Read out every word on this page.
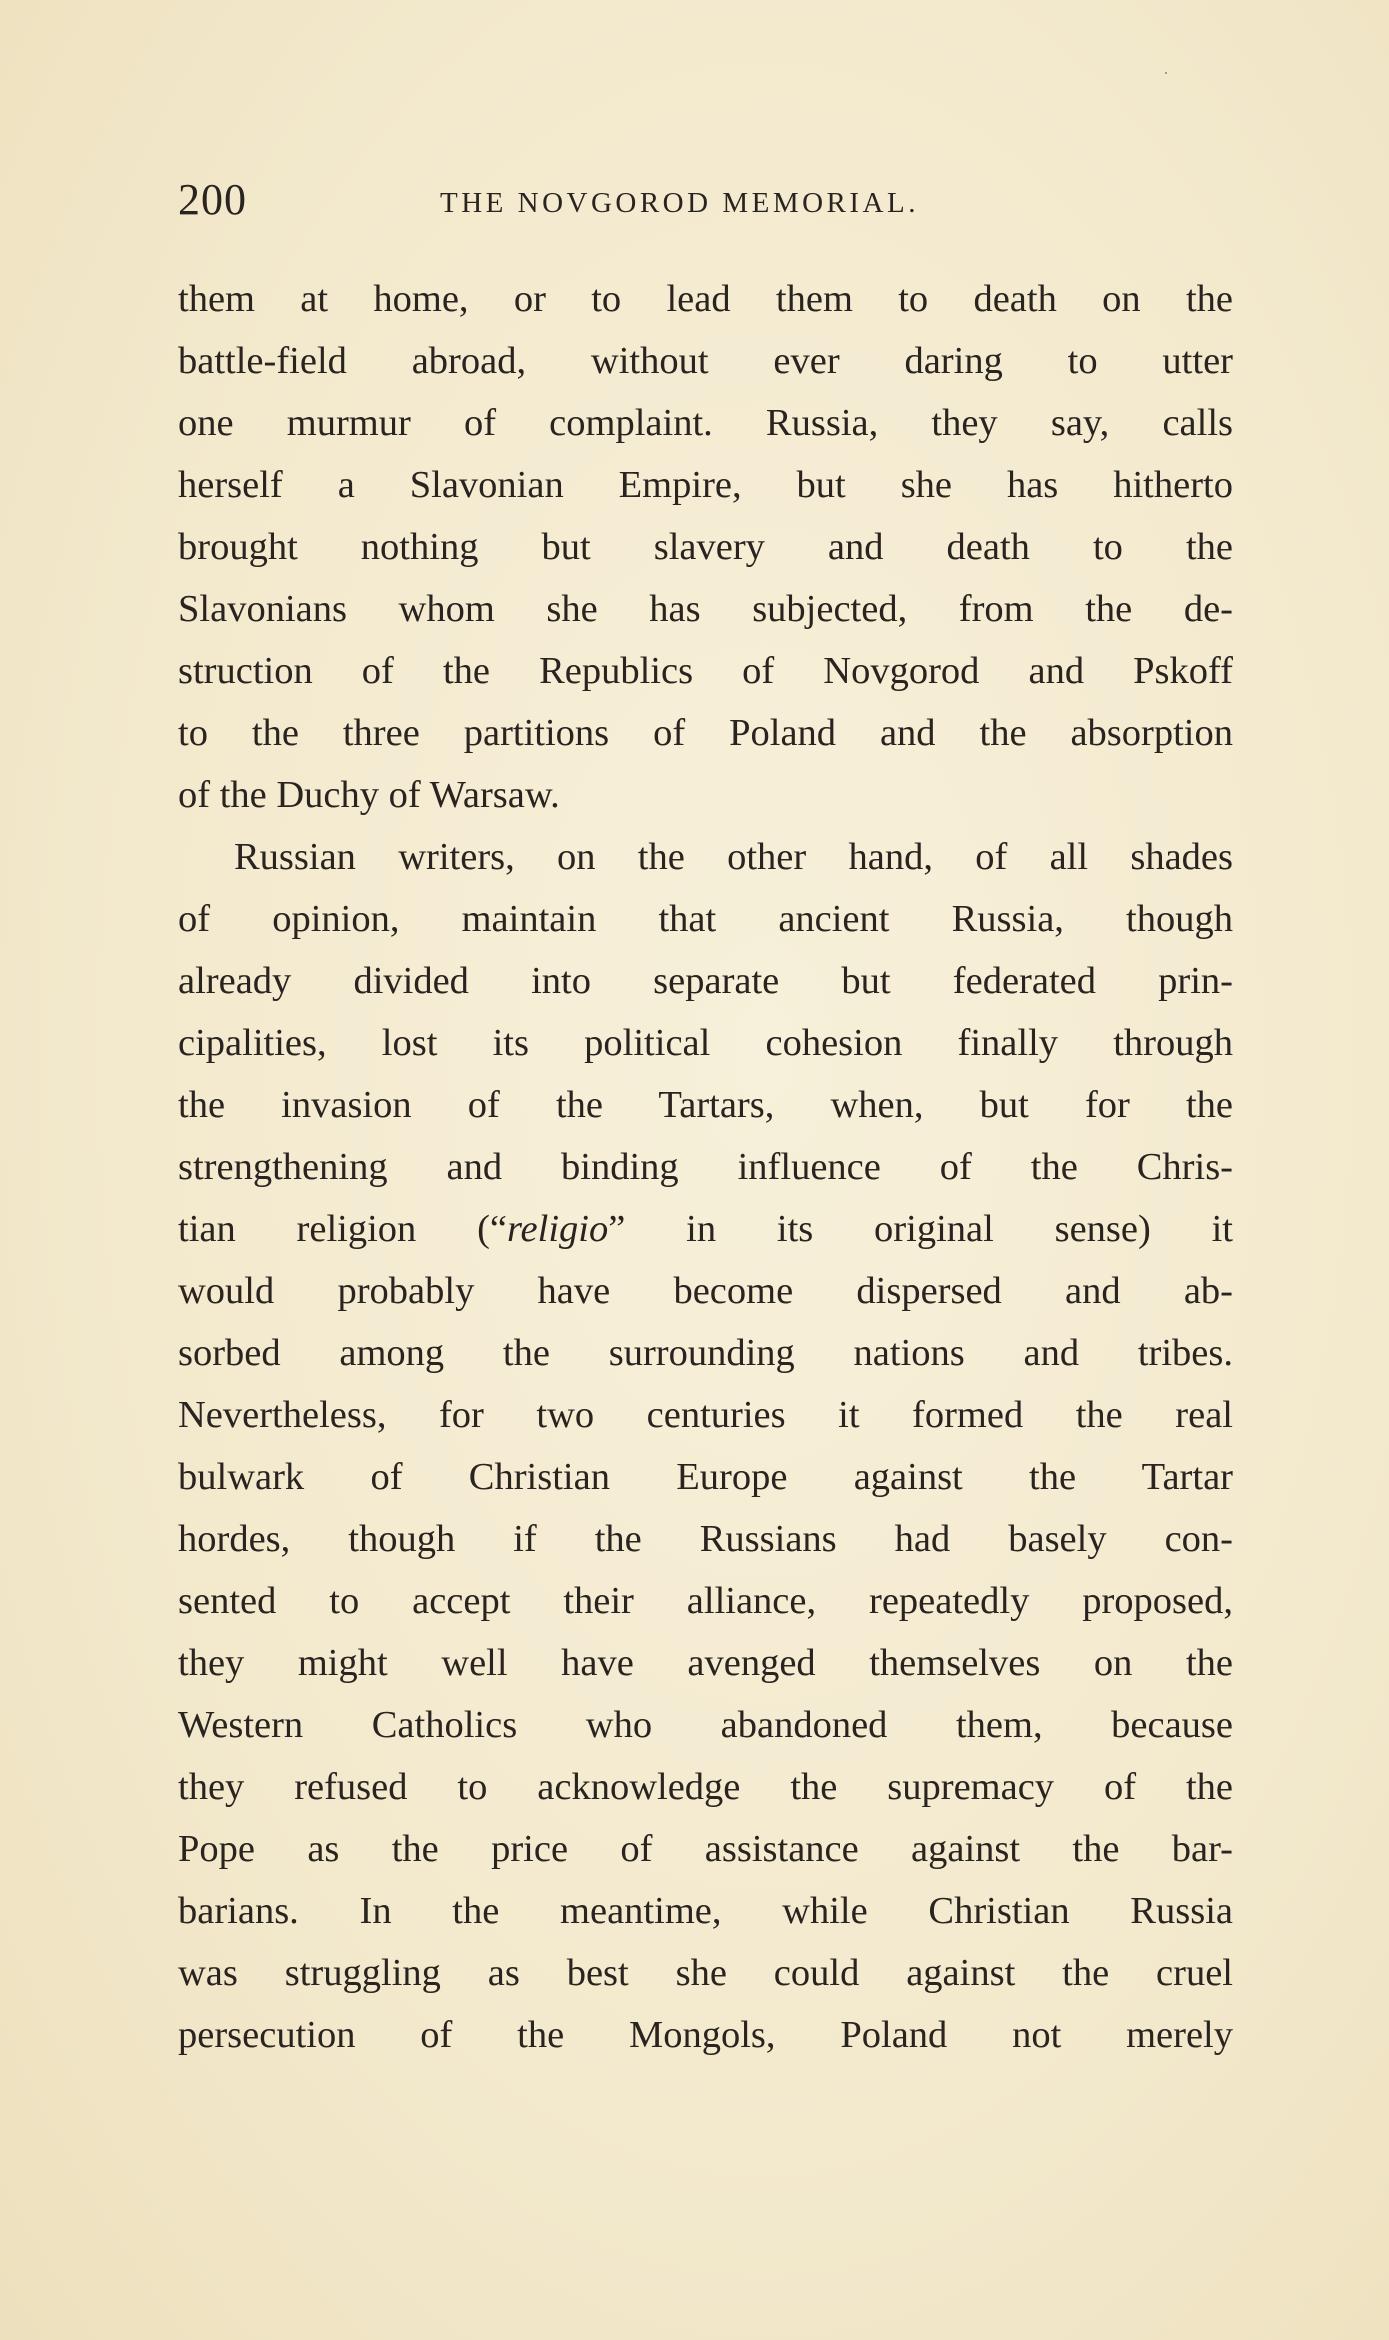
200	THE NOVGOROD MEMORIAL.
them at home, or to lead them to death on the
battle-field abroad, without ever daring to utter
one murmur of complaint. Russia, they say, calls
herself a Slavonian Empire, but she has hitherto
brought nothing but slavery and death to the
Slavonians whom she has subjected, from the de-
struction of the Republics of Novgorod and Pskoff
to the three partitions of Poland and the absorption
of the Duchy of Warsaw.
Russian writers, on the other hand, of all shades
of opinion, maintain that ancient Russia, though
already divided into separate but federated prin-
cipalities, lost its political cohesion finally through
the invasion of the Tartars, when, but for the
strengthening and binding influence of the Chris-
tian religion (“religio” in its original sense) it
would probably have become dispersed and ab-
sorbed among the surrounding nations and tribes.
Nevertheless, for two centuries it formed the real
bulwark of Christian Europe against the Tartar
hordes, though if the Russians had basely con-
sented to accept their alliance, repeatedly proposed,
they might well have avenged themselves on the
Western Catholics who abandoned them, because
they refused to acknowledge the supremacy of the
Pope as the price of assistance against the bar-
barians. In the meantime, while Christian Russia
was struggling as best she could against the cruel
persecution of the Mongols, Poland not merely
